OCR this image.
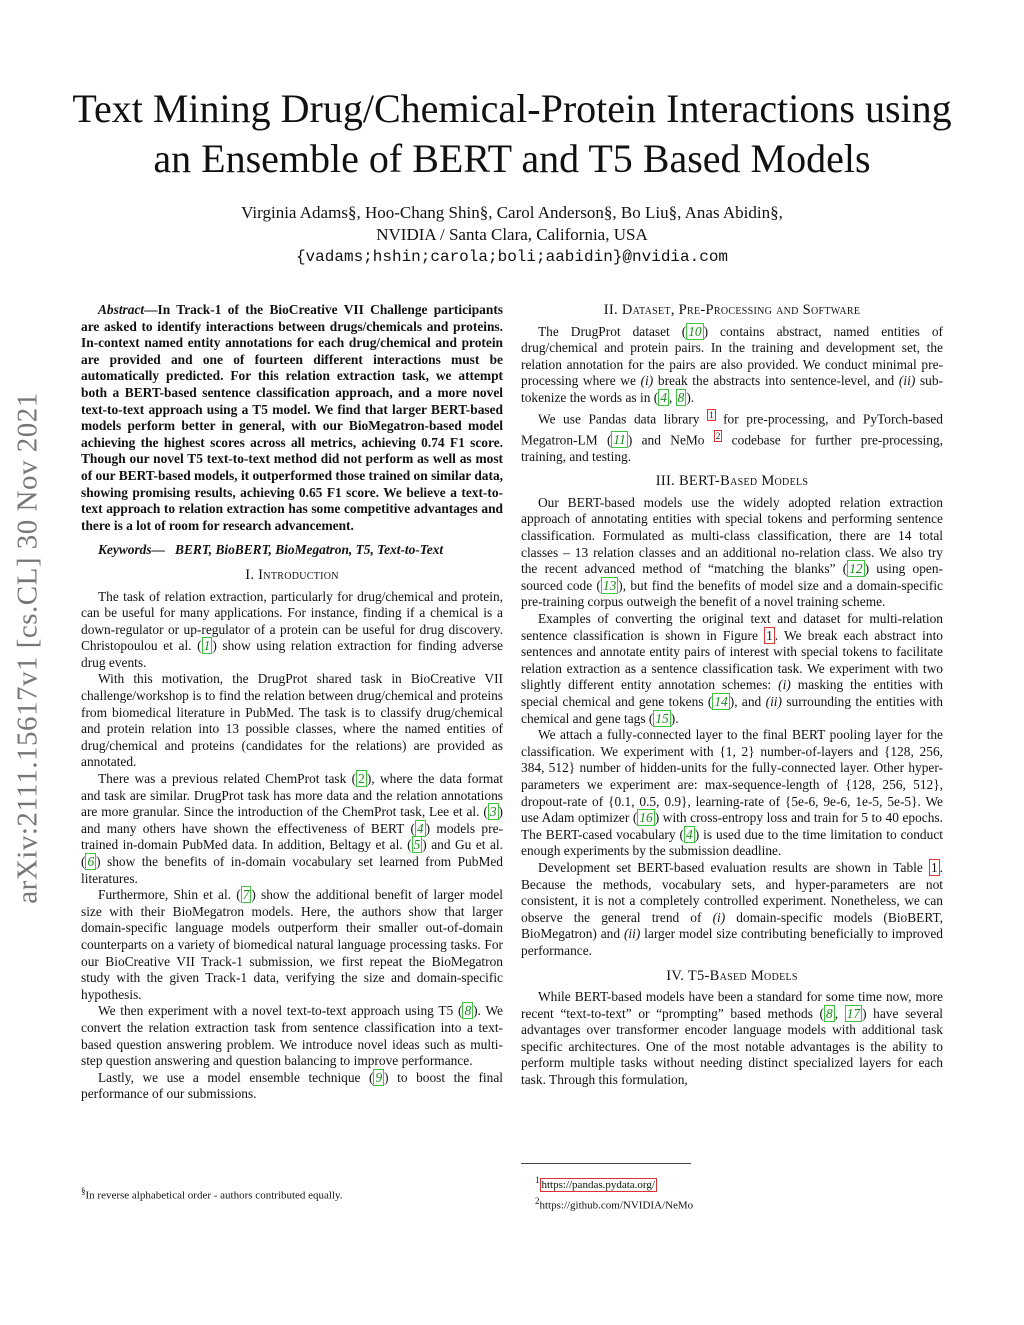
arXiv:2111.15617v1 [cs.CL] 30 Nov 2021
Text Mining Drug/Chemical-Protein Interactions using an Ensemble of BERT and T5 Based Models
Virginia Adams§, Hoo-Chang Shin§, Carol Anderson§, Bo Liu§, Anas Abidin§,
NVIDIA / Santa Clara, California, USA
{vadams;hshin;carola;boli;aabidin}@nvidia.com

Abstract—In Track-1 of the BioCreative VII Challenge participants are asked to identify interactions between drugs/chemicals and proteins. In-context named entity annotations for each drug/chemical and protein are provided and one of fourteen different interactions must be automatically predicted. For this relation extraction task, we attempt both a BERT-based sentence classification approach, and a more novel text-to-text approach using a T5 model. We find that larger BERT-based models perform better in general, with our BioMegatron-based model achieving the highest scores across all metrics, achieving 0.74 F1 score. Though our novel T5 text-to-text method did not perform as well as most of our BERT-based models, it outperformed those trained on similar data, showing promising results, achieving 0.65 F1 score. We believe a text-to-text approach to relation extraction has some competitive advantages and there is a lot of room for research advancement.

Keywords— BERT, BioBERT, BioMegatron, T5, Text-to-Text

I. Introduction

The task of relation extraction, particularly for drug/chemical and protein, can be useful for many applications. For instance, finding if a chemical is a down-regulator or up-regulator of a protein can be useful for drug discovery. Christopoulou et al. ( 1 ) show using relation extraction for finding adverse drug events.

With this motivation, the DrugProt shared task in BioCreative VII challenge/workshop is to find the relation between drug/chemical and proteins from biomedical literature in PubMed. The task is to classify drug/chemical and protein relation into 13 possible classes, where the named entities of drug/chemical and proteins (candidates for the relations) are provided as annotated.

There was a previous related ChemProt task ( 2 ), where the data format and task are similar. DrugProt task has more data and the relation annotations are more granular. Since the introduction of the ChemProt task, Lee et al. ( 3 ) and many others have shown the effectiveness of BERT ( 4 ) models pre-trained in-domain PubMed data. In addition, Beltagy et al. ( 5 ) and Gu et al. ( 6 ) show the benefits of in-domain vocabulary set learned from PubMed literatures.

Furthermore, Shin et al. ( 7 ) show the additional benefit of larger model size with their BioMegatron models. Here, the authors show that larger domain-specific language models outperform their smaller out-of-domain counterparts on a variety of biomedical natural language processing tasks. For our BioCreative VII Track-1 submission, we first repeat the BioMegatron study with the given Track-1 data, verifying the size and domain-specific hypothesis.

We then experiment with a novel text-to-text approach using T5 ( 8 ). We convert the relation extraction task from sentence classification into a text-based question answering problem. We introduce novel ideas such as multi-step question answering and question balancing to improve performance.

Lastly, we use a model ensemble technique ( 9 ) to boost the final performance of our submissions.

§In reverse alphabetical order - authors contributed equally.
II. Dataset, Pre-Processing and Software

The DrugProt dataset ( 10 ) contains abstract, named entities of drug/chemical and protein pairs. In the training and development set, the relation annotation for the pairs are also provided. We conduct minimal pre-processing where we (i) break the abstracts into sentence-level, and (ii) sub-tokenize the words as in ( 4 , 8 ).

We use Pandas data library $^1$ for pre-processing, and PyTorch-based Megatron-LM ( 11 ) and NeMo $^2$ codebase for further pre-processing, training, and testing.

III. BERT-Based Models

Our BERT-based models use the widely adopted relation extraction approach of annotating entities with special tokens and performing sentence classification. Formulated as multi-class classification, there are 14 total classes – 13 relation classes and an additional no-relation class. We also try the recent advanced method of “matching the blanks” ( 12 ) using open-sourced code ( 13 ), but find the benefits of model size and a domain-specific pre-training corpus outweigh the benefit of a novel training scheme.

Examples of converting the original text and dataset for multi-relation sentence classification is shown in Figure 1 . We break each abstract into sentences and annotate entity pairs of interest with special tokens to facilitate relation extraction as a sentence classification task. We experiment with two slightly different entity annotation schemes: (i) masking the entities with special chemical and gene tokens ( 14 ), and (ii) surrounding the entities with chemical and gene tags ( 15 ).

We attach a fully-connected layer to the final BERT pooling layer for the classification. We experiment with {1, 2} number-of-layers and {128, 256, 384, 512} number of hidden-units for the fully-connected layer. Other hyper-parameters we experiment are: max-sequence-length of {128, 256, 512}, dropout-rate of {0.1, 0.5, 0.9}, learning-rate of {5e-6, 9e-6, 1e-5, 5e-5}. We use Adam optimizer ( 16 ) with cross-entropy loss and train for 5 to 40 epochs. The BERT-cased vocabulary ( 4 ) is used due to the time limitation to conduct enough experiments by the submission deadline.

Development set BERT-based evaluation results are shown in Table 1 . Because the methods, vocabulary sets, and hyper-parameters are not consistent, it is not a completely controlled experiment. Nonetheless, we can observe the general trend of (i) domain-specific models (BioBERT, BioMegatron) and (ii) larger model size contributing beneficially to improved performance.

IV. T5-Based Models

While BERT-based models have been a standard for some time now, more recent “text-to-text” or “prompting” based methods ( 8 , 17 ) have several advantages over transformer encoder language models with additional task specific architectures. One of the most notable advantages is the ability to perform multiple tasks without needing distinct specialized layers for each task. Through this formulation,

$^1$ https://pandas.pydata.org/
$^2$https://github.com/NVIDIA/NeMo
